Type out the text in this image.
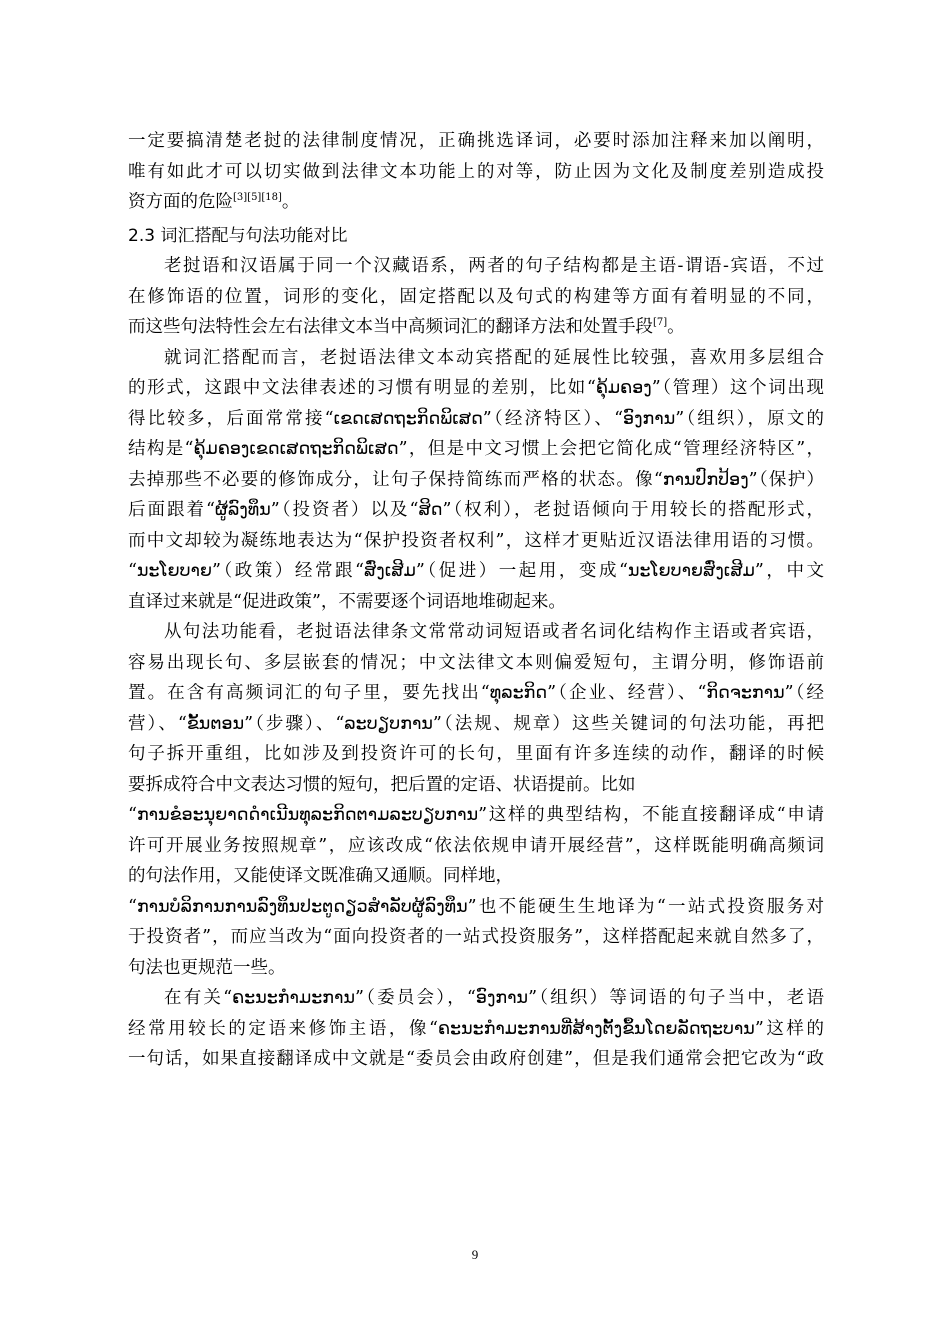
一定要搞清楚老挝的法律制度情况，正确挑选译词，必要时添加注释来加以阐明，
唯有如此才可以切实做到法律文本功能上的对等，防止因为文化及制度差别造成投
资方面的危险[3][5][18]。
2.3 词汇搭配与句法功能对比
老挝语和汉语属于同一个汉藏语系，两者的句子结构都是主语-谓语-宾语，不过
在修饰语的位置，词形的变化，固定搭配以及句式的构建等方面有着明显的不同，
而这些句法特性会左右法律文本当中高频词汇的翻译方法和处置手段[7]。
就词汇搭配而言，老挝语法律文本动宾搭配的延展性比较强，喜欢用多层组合
的形式，这跟中文法律表述的习惯有明显的差别，比如“ຄຸ້ມຄອງ”（管理）这个词出现
得比较多，后面常常接“ເຂດເສດຖະກິດພິເສດ”（经济特区）、“ອົງການ”（组织），原文的
结构是“ຄຸ້ມຄອງເຂດເສດຖະກິດພິເສດ”，但是中文习惯上会把它简化成“管理经济特区”，
去掉那些不必要的修饰成分，让句子保持简练而严格的状态。像“ການປົກປ້ອງ”（保护）
后面跟着“ຜູ້ລົງທຶນ”（投资者）以及“ສິດ”（权利），老挝语倾向于用较长的搭配形式，
而中文却较为凝练地表达为“保护投资者权利”，这样才更贴近汉语法律用语的习惯。
“ນະໂຍບາຍ”（政策）经常跟“ສົ່ງເສີມ”（促进）一起用，变成“ນະໂຍບາຍສົ່ງເສີມ”，中文
直译过来就是“促进政策”，不需要逐个词语地堆砌起来。
从句法功能看，老挝语法律条文常常动词短语或者名词化结构作主语或者宾语，
容易出现长句、多层嵌套的情况；中文法律文本则偏爱短句，主谓分明，修饰语前
置。在含有高频词汇的句子里，要先找出“ທຸລະກິດ”（企业、经营）、“ກິດຈະການ”（经
营）、“ຂັ້ນຕອນ”（步骤）、“ລະບຽບການ”（法规、规章）这些关键词的句法功能，再把
句子拆开重组，比如涉及到投资许可的长句，里面有许多连续的动作，翻译的时候
要拆成符合中文表达习惯的短句，把后置的定语、状语提前。比如
“ການຂໍອະນຸຍາດດຳເນີນທຸລະກິດຕາມລະບຽບການ”这样的典型结构，不能直接翻译成“申请
许可开展业务按照规章”，应该改成“依法依规申请开展经营”，这样既能明确高频词
的句法作用，又能使译文既准确又通顺。同样地，
“ການບໍລິການການລົງທຶນປະຕູດຽວສຳລັບຜູ້ລົງທຶນ”也不能硬生生地译为“一站式投资服务对
于投资者”，而应当改为“面向投资者的一站式投资服务”，这样搭配起来就自然多了，
句法也更规范一些。
在有关“ຄະນະກຳມະການ”（委员会），“ອົງການ”（组织）等词语的句子当中，老语
经常用较长的定语来修饰主语，像“ຄະນະກຳມະການທີ່ສ້າງຕັ້ງຂຶ້ນໂດຍລັດຖະບານ”这样的
一句话，如果直接翻译成中文就是“委员会由政府创建”，但是我们通常会把它改为“政
9
